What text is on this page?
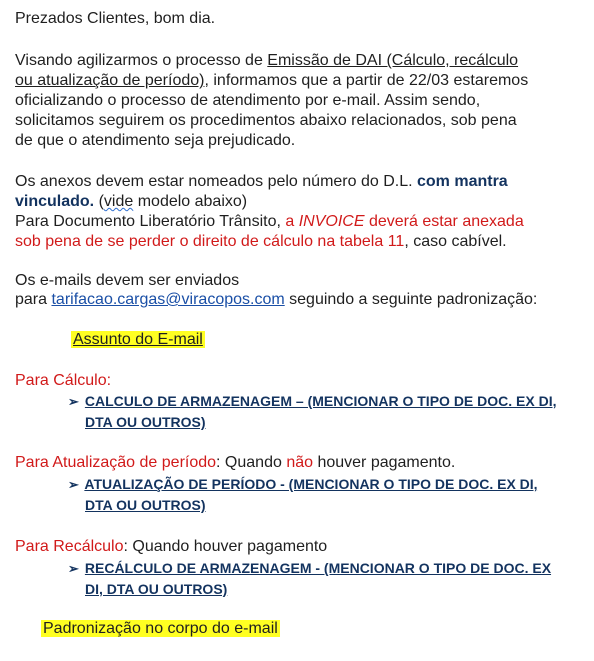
Prezados Clientes, bom dia.
Visando agilizarmos o processo de Emissão de DAI (Cálculo, recálculo
ou atualização de período), informamos que a partir de 22/03 estaremos
oficializando o processo de atendimento por e-mail. Assim sendo,
solicitamos seguirem os procedimentos abaixo relacionados, sob pena
de que o atendimento seja prejudicado.
Os anexos devem estar nomeados pelo número do D.L. com mantra
vinculado. (vide modelo abaixo)
Para Documento Liberatório Trânsito, a INVOICE deverá estar anexada
sob pena de se perder o direito de cálculo na tabela 11, caso cabível.
Os e-mails devem ser enviados
para tarifacao.cargas@viracopos.com seguindo a seguinte padronização:
Assunto do E-mail
Para Cálculo:
➢ CALCULO DE ARMAZENAGEM – (MENCIONAR O TIPO DE DOC. EX DI,
DTA OU OUTROS)
Para Atualização de período: Quando não houver pagamento.
➢ ATUALIZAÇÃO DE PERÍODO - (MENCIONAR O TIPO DE DOC. EX DI,
DTA OU OUTROS)
Para Recálculo: Quando houver pagamento
➢ RECÁLCULO DE ARMAZENAGEM - (MENCIONAR O TIPO DE DOC. EX
DI, DTA OU OUTROS)
Padronização no corpo do e-mail
